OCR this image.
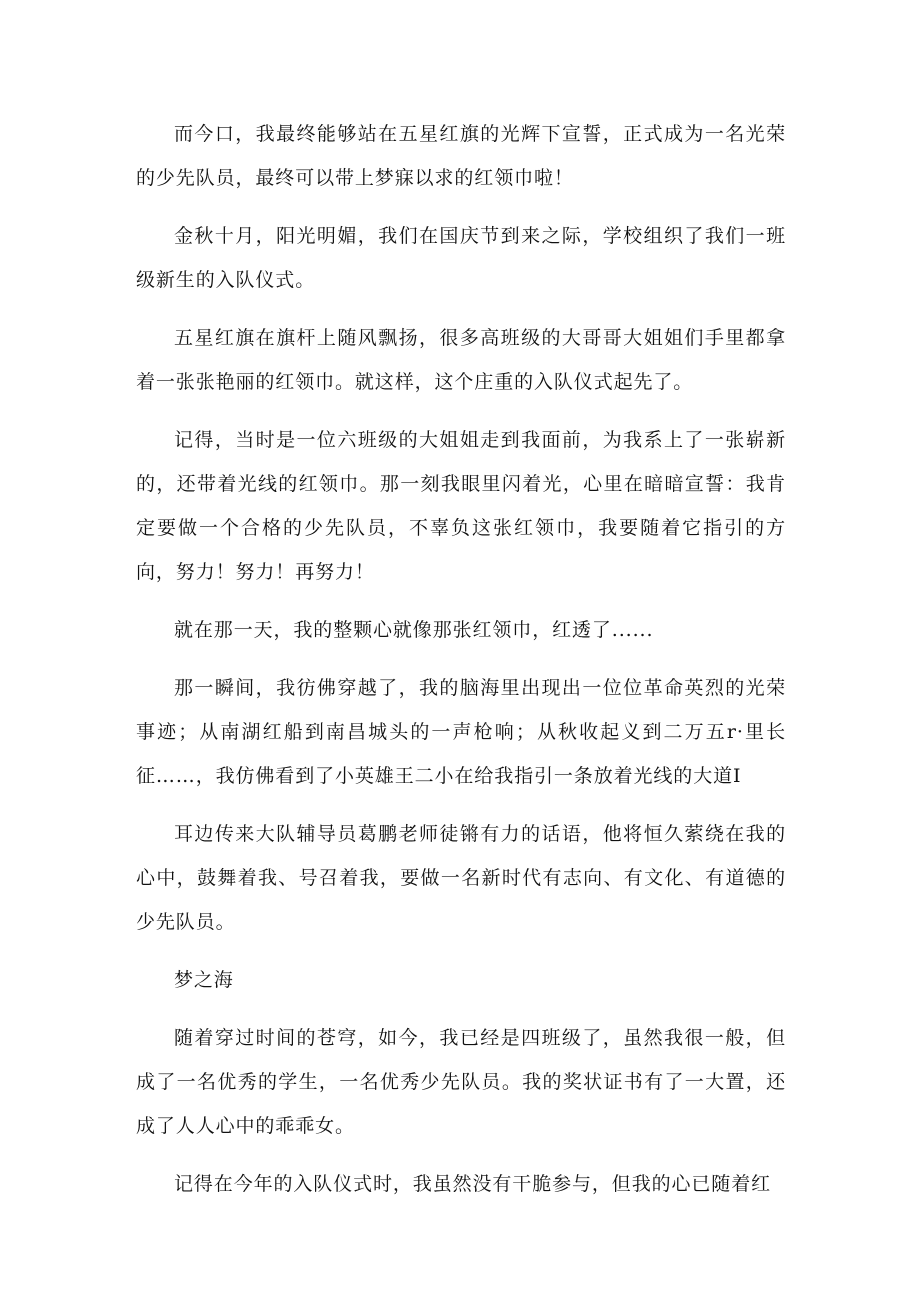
而今口，我最终能够站在五星红旗的光辉下宣誓，正式成为一名光荣的少先队员，最终可以带上梦寐以求的红领巾啦！

金秋十月，阳光明媚，我们在国庆节到来之际，学校组织了我们一班级新生的入队仪式。

五星红旗在旗杆上随风飘扬，很多高班级的大哥哥大姐姐们手里都拿着一张张艳丽的红领巾。就这样，这个庄重的入队仪式起先了。

记得，当时是一位六班级的大姐姐走到我面前，为我系上了一张崭新的，还带着光线的红领巾。那一刻我眼里闪着光，心里在暗暗宣誓：我肯定要做一个合格的少先队员，不辜负这张红领巾，我要随着它指引的方向，努力！努力！再努力！

就在那一天，我的整颗心就像那张红领巾，红透了......

那一瞬间，我彷佛穿越了，我的脑海里出现出一位位革命英烈的光荣事迹；从南湖红船到南昌城头的一声枪响；从秋收起义到二万五r·里长征……，我仿佛看到了小英雄王二小在给我指引一条放着光线的大道I

耳边传来大队辅导员葛鹏老师徒锵有力的话语，他将恒久萦绕在我的心中，鼓舞着我、号召着我，要做一名新时代有志向、有文化、有道德的少先队员。

梦之海

随着穿过时间的苍穹，如今，我已经是四班级了，虽然我很一般，但成了一名优秀的学生，一名优秀少先队员。我的奖状证书有了一大置，还成了人人心中的乖乖女。

记得在今年的入队仪式时，我虽然没有干脆参与，但我的心已随着红
